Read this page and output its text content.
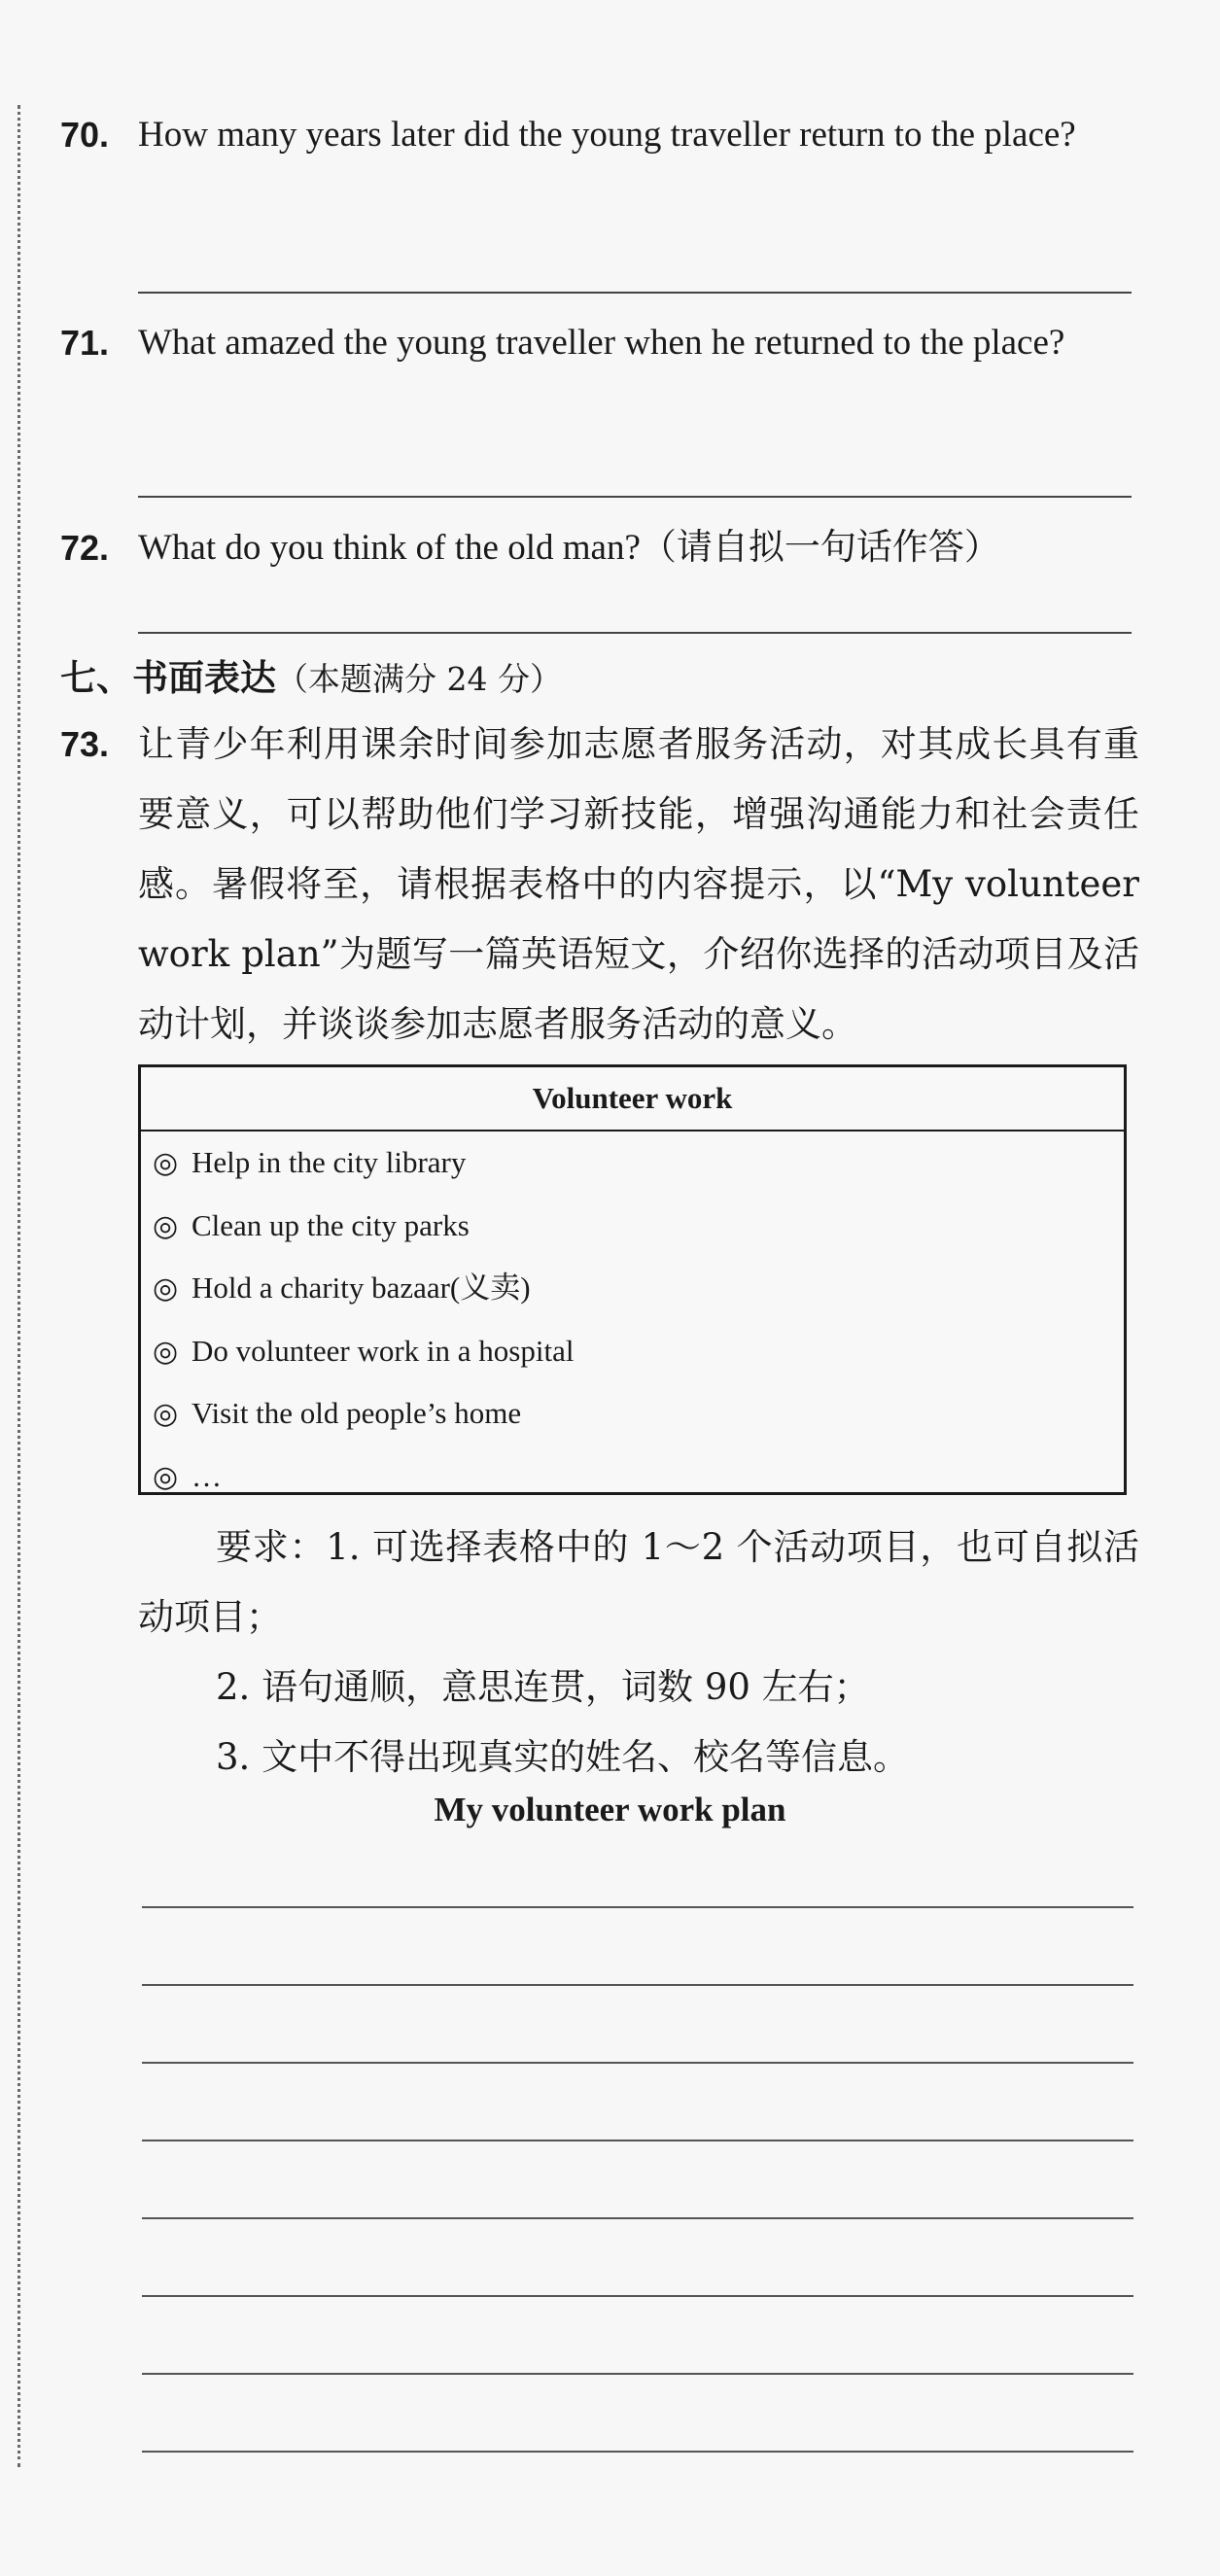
70. How many years later did the young traveller return to the place?
71. What amazed the young traveller when he returned to the place?
72. What do you think of the old man?（请自拟一句话作答）
七、书面表达（本题满分 24 分）
73. 让青少年利用课余时间参加志愿者服务活动，对其成长具有重要意义，可以帮助他们学习新技能，增强沟通能力和社会责任感。暑假将至，请根据表格中的内容提示，以“My volunteer work plan”为题写一篇英语短文，介绍你选择的活动项目及活动计划，并谈谈参加志愿者服务活动的意义。
Volunteer work
◎ Help in the city library
◎ Clean up the city parks
◎ Hold a charity bazaar(义卖)
◎ Do volunteer work in a hospital
◎ Visit the old people’s home
◎ …
要求：1. 可选择表格中的 1～2 个活动项目，也可自拟活动项目；
2. 语句通顺，意思连贯，词数 90 左右；
3. 文中不得出现真实的姓名、校名等信息。
My volunteer work plan
